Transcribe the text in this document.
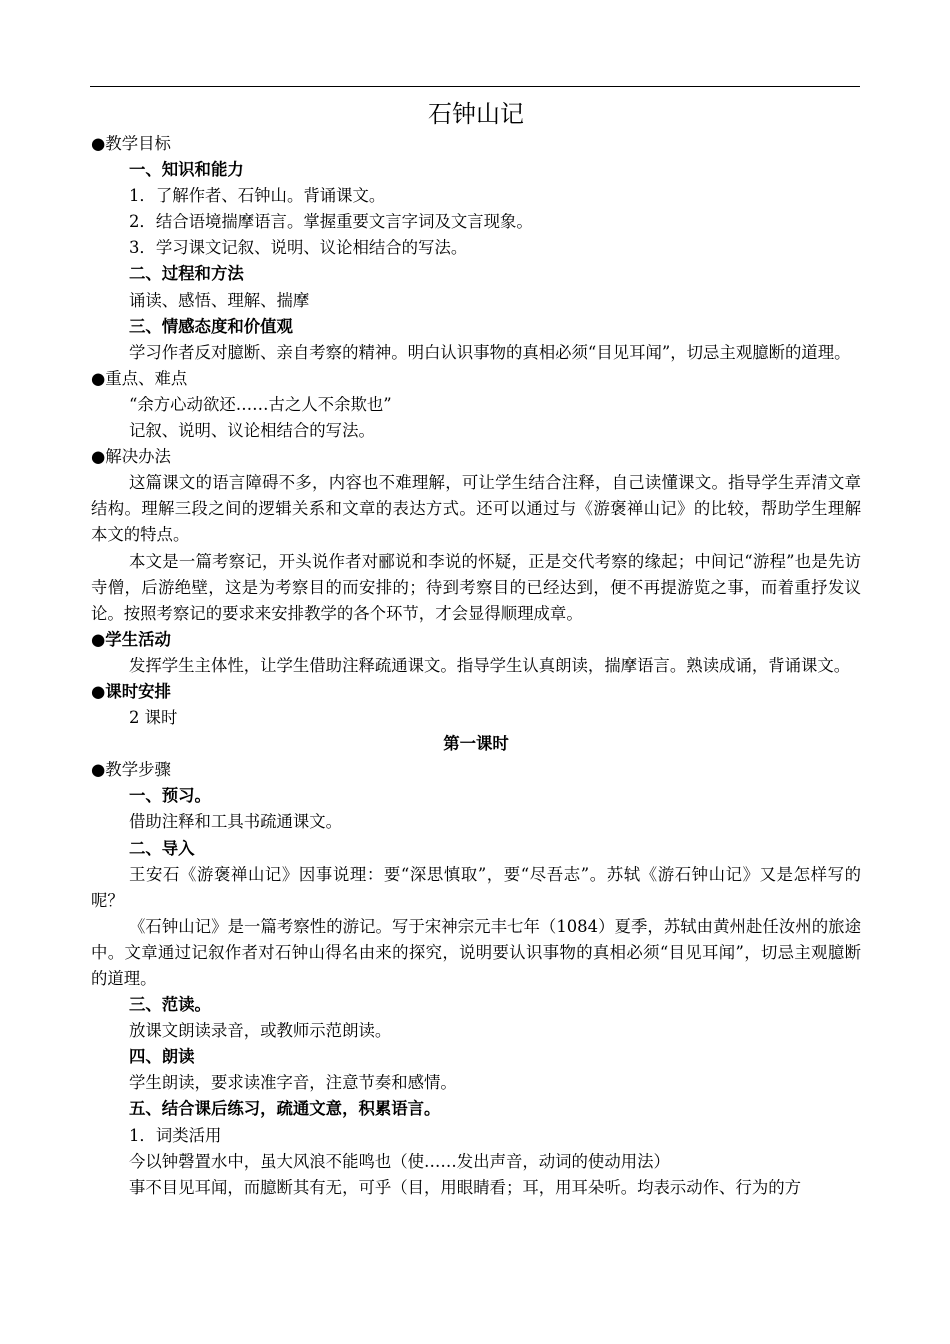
石钟山记
●教学目标
一、知识和能力
1．了解作者、石钟山。背诵课文。
2．结合语境揣摩语言。掌握重要文言字词及文言现象。
3．学习课文记叙、说明、议论相结合的写法。
二、过程和方法
诵读、感悟、理解、揣摩
三、情感态度和价值观

学习作者反对臆断、亲自考察的精神。明白认识事物的真相必须“目见耳闻”，切忌主观臆断的道理。

●重点、难点
“余方心动欲还……古之人不余欺也”
记叙、说明、议论相结合的写法。
●解决办法

这篇课文的语言障碍不多，内容也不难理解，可让学生结合注释，自己读懂课文。指导学生弄清文章结构。理解三段之间的逻辑关系和文章的表达方式。还可以通过与《游褒禅山记》的比较，帮助学生理解本文的特点。

本文是一篇考察记，开头说作者对郦说和李说的怀疑，正是交代考察的缘起；中间记“游程”也是先访寺僧，后游绝壁，这是为考察目的而安排的；待到考察目的已经达到，便不再提游览之事，而着重抒发议论。按照考察记的要求来安排教学的各个环节，才会显得顺理成章。

●学生活动

发挥学生主体性，让学生借助注释疏通课文。指导学生认真朗读，揣摩语言。熟读成诵，背诵课文。

●课时安排
2 课时
第一课时
●教学步骤
一、预习。
借助注释和工具书疏通课文。
二、导入

王安石《游褒禅山记》因事说理：要“深思慎取”，要“尽吾志”。苏轼《游石钟山记》又是怎样写的呢？

《石钟山记》是一篇考察性的游记。写于宋神宗元丰七年（1084）夏季，苏轼由黄州赴任汝州的旅途中。文章通过记叙作者对石钟山得名由来的探究，说明要认识事物的真相必须“目见耳闻”，切忌主观臆断的道理。

三、范读。
放课文朗读录音，或教师示范朗读。
四、朗读
学生朗读，要求读准字音，注意节奏和感情。
五、结合课后练习，疏通文意，积累语言。
1．词类活用
今以钟磬置水中，虽大风浪不能鸣也（使……发出声音，动词的使动用法）
事不目见耳闻，而臆断其有无，可乎（目，用眼睛看；耳，用耳朵听。均表示动作、行为的方
